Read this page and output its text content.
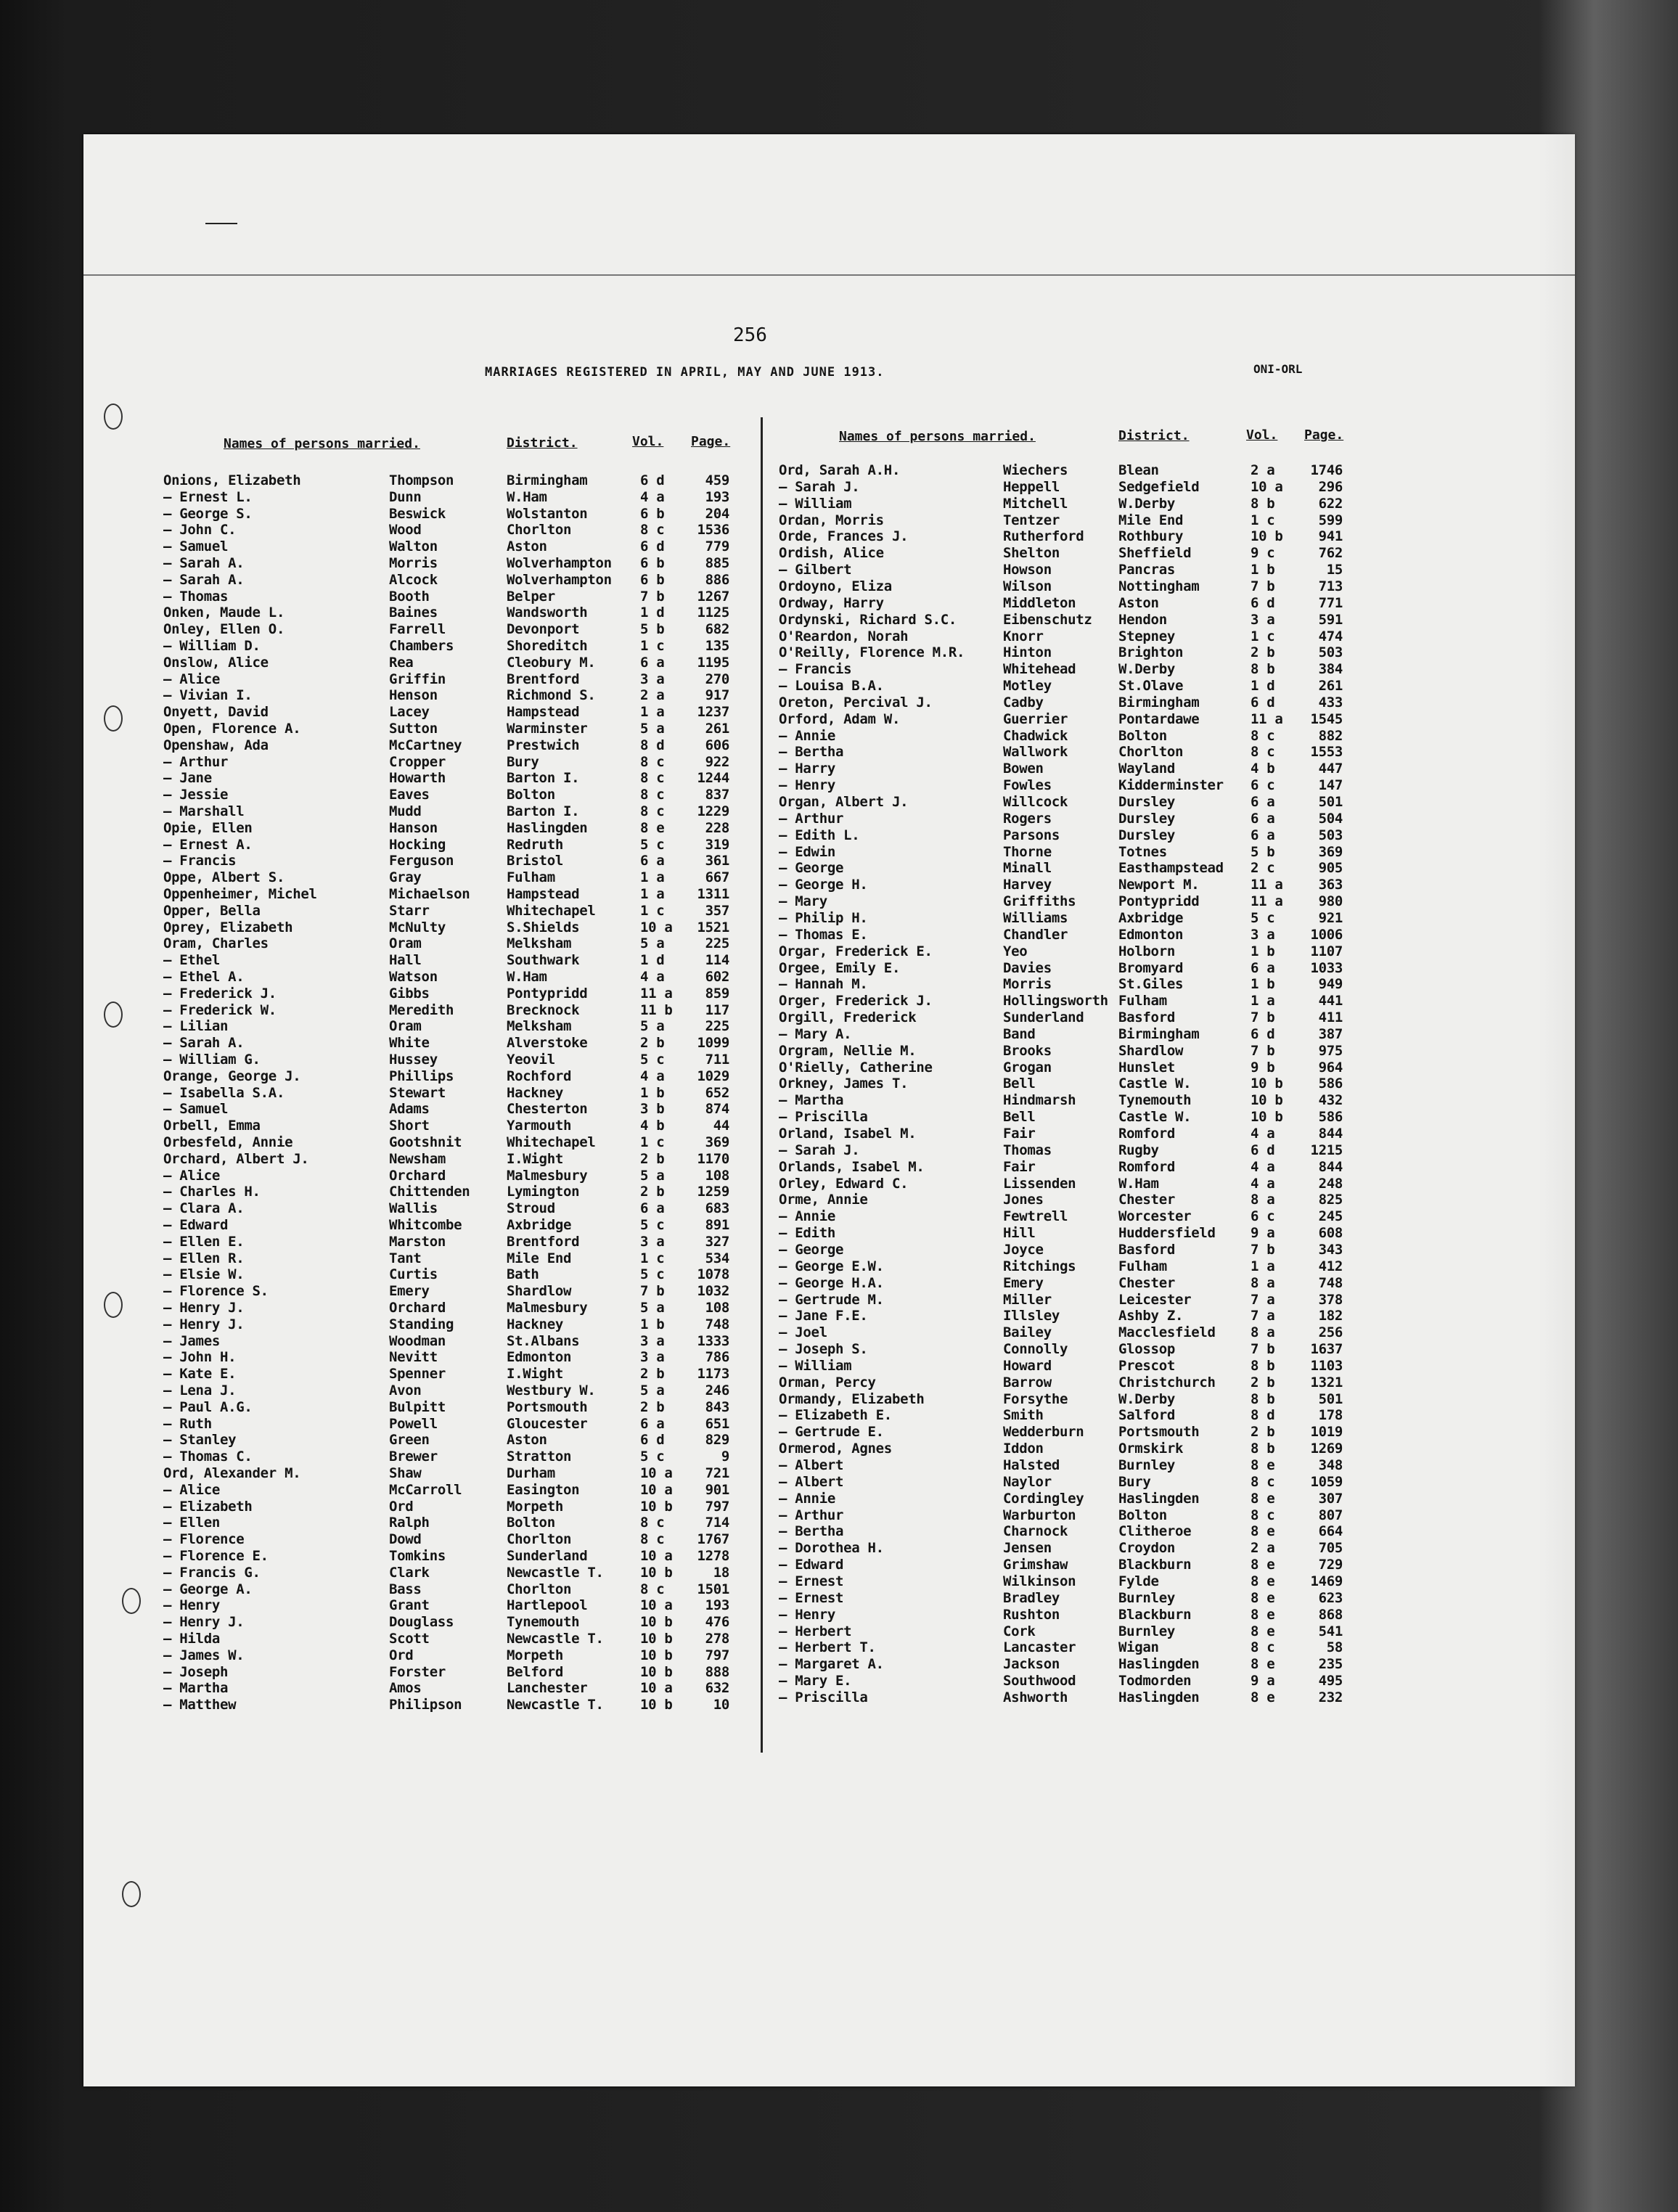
256
MARRIAGES REGISTERED IN APRIL, MAY AND JUNE 1913.	ONI-ORL
Names of persons married.	District.	Vol. Page.	Names of persons married.	District.	Vol. Page.
Onions, Elizabeth	Thompson	Birmingham	6 d	459
— Ernest L.	Dunn	W.Ham	4 a	193
— George S.	Beswick	Wolstanton	6 b	204
— John C.	Wood	Chorlton	8 c	1536
— Samuel	Walton	Aston	6 d	779
— Sarah A.	Morris	Wolverhampton 6 b	885
— Sarah A.	Alcock	Wolverhampton 6 b	886
— Thomas	Booth	Belper	7 b	1267
Onken, Maude L.	Baines	Wandsworth	1 d	1125
Onley, Ellen O.	Farrell	Devonport	5 b	682
— William D.	Chambers	Shoreditch	1 c	135
Onslow, Alice	Rea	Cleobury M.	6 a	1195
— Alice	Griffin	Brentford	3 a	270
— Vivian I.	Henson	Richmond S.	2 a	917
Onyett, David	Lacey	Hampstead	1 a	1237
Open, Florence A.	Sutton	Warminster	5 a	261
Openshaw, Ada	McCartney	Prestwich	8 d	606
— Arthur	Cropper	Bury	8 c	922
— Jane	Howarth	Barton I.	8 c	1244
— Jessie	Eaves	Bolton	8 c	837
— Marshall	Mudd	Barton I.	8 c	1229
Opie, Ellen	Hanson	Haslingden	8 e	228
— Ernest A.	Hocking	Redruth	5 c	319
— Francis	Ferguson	Bristol	6 a	361
Oppe, Albert S.	Gray	Fulham	1 a	667
Oppenheimer, Michel	Michaelson	Hampstead	1 a	1311
Opper, Bella	Starr	Whitechapel	1 c	357
Oprey, Elizabeth	McNulty	S.Shields	10 a	1521
Oram, Charles	Oram	Melksham	5 a	225
— Ethel	Hall	Southwark	1 d	114
— Ethel A.	Watson	W.Ham	4 a	602
— Frederick J.	Gibbs	Pontypridd	11 a	859
— Frederick W.	Meredith	Brecknock	11 b	117
— Lilian	Oram	Melksham	5 a	225
— Sarah A.	White	Alverstoke	2 b	1099
— William G.	Hussey	Yeovil	5 c	711
Orange, George J.	Phillips	Rochford	4 a	1029
— Isabella S.A.	Stewart	Hackney	1 b	652
— Samuel	Adams	Chesterton	3 b	874
Orbell, Emma	Short	Yarmouth	4 b	44
Orbesfeld, Annie	Gootshnit	Whitechapel	1 c	369
Orchard, Albert J.	Newsham	I.Wight	2 b	1170
— Alice	Orchard	Malmesbury	5 a	108
— Charles H.	Chittenden	Lymington	2 b	1259
— Clara A.	Wallis	Stroud	6 a	683
— Edward	Whitcombe	Axbridge	5 c	891
— Ellen E.	Marston	Brentford	3 a	327
— Ellen R.	Tant	Mile End	1 c	534
— Elsie W.	Curtis	Bath	5 c	1078
— Florence S.	Emery	Shardlow	7 b	1032
— Henry J.	Orchard	Malmesbury	5 a	108
— Henry J.	Standing	Hackney	1 b	748
— James	Woodman	St.Albans	3 a	1333
— John H.	Nevitt	Edmonton	3 a	786
— Kate E.	Spenner	I.Wight	2 b	1173
— Lena J.	Avon	Westbury W.	5 a	246
— Paul A.G.	Bulpitt	Portsmouth	2 b	843
— Ruth	Powell	Gloucester	6 a	651
— Stanley	Green	Aston	6 d	829
— Thomas C.	Brewer	Stratton	5 c	9
Ord, Alexander M.	Shaw	Durham	10 a	721
— Alice	McCarroll	Easington	10 a	901
— Elizabeth	Ord	Morpeth	10 b	797
— Ellen	Ralph	Bolton	8 c	714
— Florence	Dowd	Chorlton	8 c	1767
— Florence E.	Tomkins	Sunderland	10 a	1278
— Francis G.	Clark	Newcastle T.	10 b	18
— George A.	Bass	Chorlton	8 c	1501
— Henry	Grant	Hartlepool	10 a	193
— Henry J.	Douglass	Tynemouth	10 b	476
— Hilda	Scott	Newcastle T.	10 b	278
— James W.	Ord	Morpeth	10 b	797
— Joseph	Forster	Belford	10 b	888
— Martha	Amos	Lanchester	10 a	632
— Matthew	Philipson	Newcastle T.	10 b	10
Ord, Sarah A.H.	Wiechers	Blean	2 a	1746
— Sarah J.	Heppell	Sedgefield	10 a	296
— William	Mitchell	W.Derby	8 b	622
Ordan, Morris	Tentzer	Mile End	1 c	599
Orde, Frances J.	Rutherford	Rothbury	10 b	941
Ordish, Alice	Shelton	Sheffield	9 c	762
— Gilbert	Howson	Pancras	1 b	15
Ordoyno, Eliza	Wilson	Nottingham	7 b	713
Ordway, Harry	Middleton	Aston	6 d	771
Ordynski, Richard S.C.	Eibenschutz Hendon	3 a	591
O'Reardon, Norah	Knorr	Stepney	1 c	474
O'Reilly, Florence M.R.	Hinton	Brighton	2 b	503
— Francis	Whitehead	W.Derby	8 b	384
— Louisa B.A.	Motley	St.Olave	1 d	261
Oreton, Percival J.	Cadby	Birmingham	6 d	433
Orford, Adam W.	Guerrier	Pontardawe	11 a	1545
— Annie	Chadwick	Bolton	8 c	882
— Bertha	Wallwork	Chorlton	8 c	1553
— Harry	Bowen	Wayland	4 b	447
— Henry	Fowles	Kidderminster 6 c	147
Organ, Albert J.	Willcock	Dursley	6 a	501
— Arthur	Rogers	Dursley	6 a	504
— Edith L.	Parsons	Dursley	6 a	503
— Edwin	Thorne	Totnes	5 b	369
— George	Minall	Easthampstead 2 c	905
— George H.	Harvey	Newport M.	11 a	363
— Mary	Griffiths	Pontypridd	11 a	980
— Philip H.	Williams	Axbridge	5 c	921
— Thomas E.	Chandler	Edmonton	3 a	1006
Orgar, Frederick E.	Yeo	Holborn	1 b	1107
Orgee, Emily E.	Davies	Bromyard	6 a	1033
— Hannah M.	Morris	St.Giles	1 b	949
Orger, Frederick J.	Hollingsworth Fulham	1 a	441
Orgill, Frederick	Sunderland	Basford	7 b	411
— Mary A.	Band	Birmingham	6 d	387
Orgram, Nellie M.	Brooks	Shardlow	7 b	975
O'Rielly, Catherine	Grogan	Hunslet	9 b	964
Orkney, James T.	Bell	Castle W.	10 b	586
— Martha	Hindmarsh	Tynemouth	10 b	432
— Priscilla	Bell	Castle W.	10 b	586
Orland, Isabel M.	Fair	Romford	4 a	844
— Sarah J.	Thomas	Rugby	6 d	1215
Orlands, Isabel M.	Fair	Romford	4 a	844
Orley, Edward C.	Lissenden	W.Ham	4 a	248
Orme, Annie	Jones	Chester	8 a	825
— Annie	Fewtrell	Worcester	6 c	245
— Edith	Hill	Huddersfield	9 a	608
— George	Joyce	Basford	7 b	343
— George E.W.	Ritchings	Fulham	1 a	412
— George H.A.	Emery	Chester	8 a	748
— Gertrude M.	Miller	Leicester	7 a	378
— Jane F.E.	Illsley	Ashby Z.	7 a	182
— Joel	Bailey	Macclesfield	8 a	256
— Joseph S.	Connolly	Glossop	7 b	1637
— William	Howard	Prescot	8 b	1103
Orman, Percy	Barrow	Christchurch	2 b	1321
Ormandy, Elizabeth	Forsythe	W.Derby	8 b	501
— Elizabeth E.	Smith	Salford	8 d	178
— Gertrude E.	Wedderburn	Portsmouth	2 b	1019
Ormerod, Agnes	Iddon	Ormskirk	8 b	1269
— Albert	Halsted	Burnley	8 e	348
— Albert	Naylor	Bury	8 c	1059
— Annie	Cordingley	Haslingden	8 e	307
— Arthur	Warburton	Bolton	8 c	807
— Bertha	Charnock	Clitheroe	8 e	664
— Dorothea H.	Jensen	Croydon	2 a	705
— Edward	Grimshaw	Blackburn	8 e	729
— Ernest	Wilkinson	Fylde	8 e	1469
— Ernest	Bradley	Burnley	8 e	623
— Henry	Rushton	Blackburn	8 e	868
— Herbert	Cork	Burnley	8 e	541
— Herbert T.	Lancaster	Wigan	8 c	58
— Margaret A.	Jackson	Haslingden	8 e	235
— Mary E.	Southwood	Todmorden	9 a	495
— Priscilla	Ashworth	Haslingden	8 e	232
